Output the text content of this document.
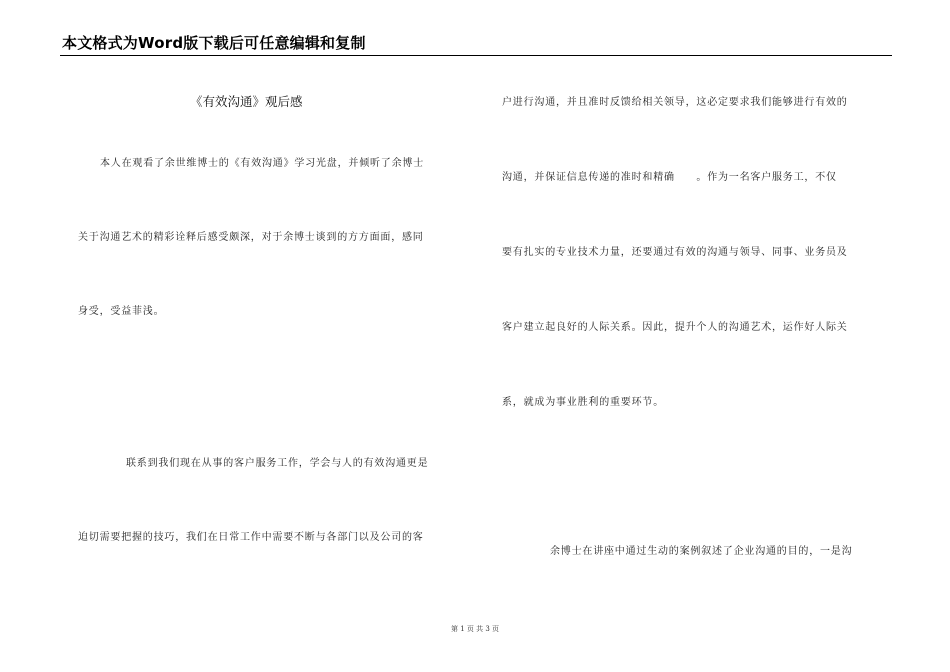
本文格式为Word版下载后可任意编辑和复制
《有效沟通》观后感
本人在观看了余世维博士的《有效沟通》学习光盘，并倾听了余博士
关于沟通艺术的精彩诠释后感受颇深，对于余博士谈到的方方面面，感同
身受，受益菲浅。
联系到我们现在从事的客户服务工作，学会与人的有效沟通更是
迫切需要把握的技巧，我们在日常工作中需要不断与各部门以及公司的客
户进行沟通，并且准时反馈给相关领导，这必定要求我们能够进行有效的
沟通，并保证信息传递的准时和精确　　。作为一名客户服务工，不仅
要有扎实的专业技术力量，还要通过有效的沟通与领导、同事、业务员及
客户建立起良好的人际关系。因此，提升个人的沟通艺术，运作好人际关
系，就成为事业胜利的重要环节。
余博士在讲座中通过生动的案例叙述了企业沟通的目的，一是沟
第 1 页 共 3 页
